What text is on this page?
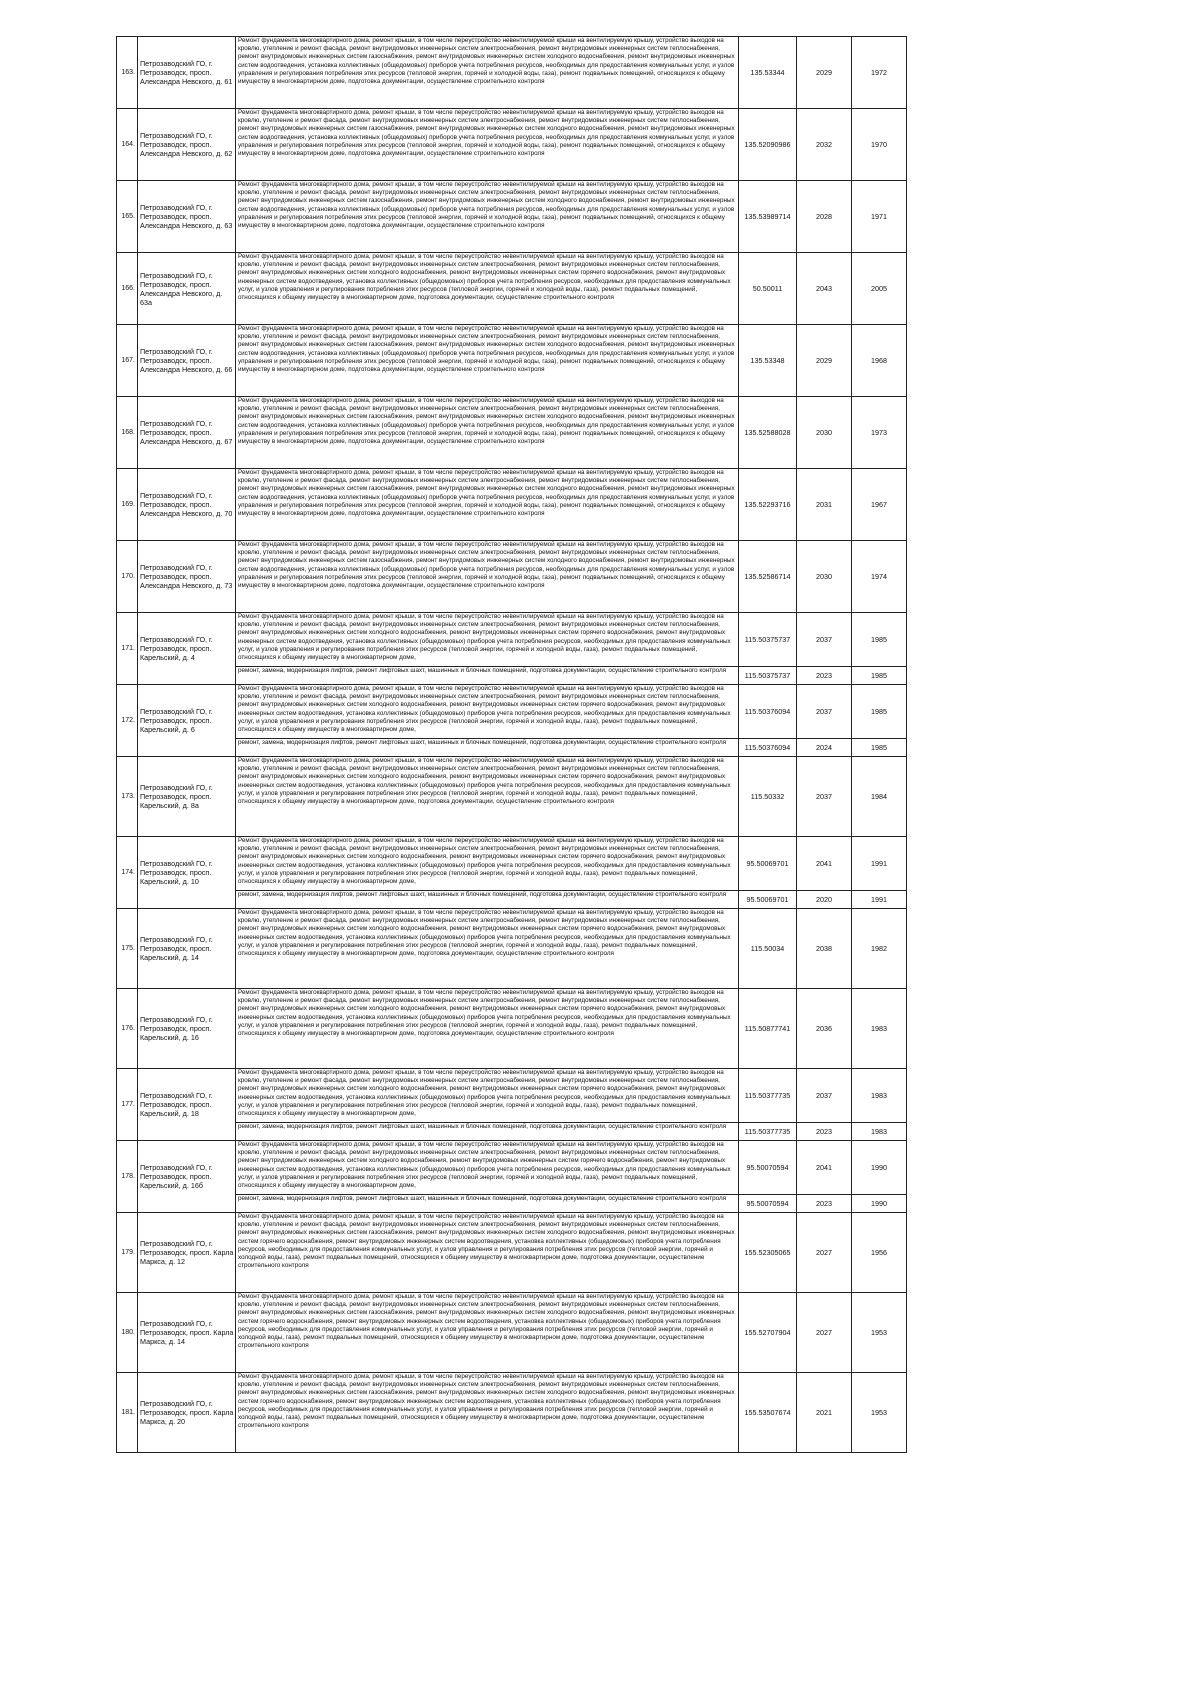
163.	Петрозаводский ГО, г. Петрозаводск, просп. Александра Невского, д. 61	Ремонт фундамента многоквартирного дома, ремонт крыши, в том числе переустройство невентилируемой крыши на вентилируемую крышу, устройство выходов на кровлю, утепление и ремонт фасада, ремонт внутридомовых инженерных систем электроснабжения, ремонт внутридомовых инженерных систем теплоснабжения, ремонт внутридомовых инженерных систем газоснабжения, ремонт внутридомовых инженерных систем холодного водоснабжения, ремонт внутридомовых инженерных систем водоотведения, установка коллективных (общедомовых) приборов учета потребления ресурсов, необходимых для предоставления коммунальных услуг, и узлов управления и регулирования потребления этих ресурсов (тепловой энергии, горячей и холодной воды, газа), ремонт подвальных помещений, относящихся к общему имуществу в многоквартирном доме, подготовка документации, осуществление строительного контроля	135.53344	2029	1972
164.	Петрозаводский ГО, г. Петрозаводск, просп. Александра Невского, д. 62	Ремонт фундамента многоквартирного дома, ремонт крыши, в том числе переустройство невентилируемой крыши на вентилируемую крышу, устройство выходов на кровлю, утепление и ремонт фасада, ремонт внутридомовых инженерных систем электроснабжения, ремонт внутридомовых инженерных систем теплоснабжения, ремонт внутридомовых инженерных систем газоснабжения, ремонт внутридомовых инженерных систем холодного водоснабжения, ремонт внутридомовых инженерных систем водоотведения, установка коллективных (общедомовых) приборов учета потребления ресурсов, необходимых для предоставления коммунальных услуг, и узлов управления и регулирования потребления этих ресурсов (тепловой энергии, горячей и холодной воды, газа), ремонт подвальных помещений, относящихся к общему имуществу в многоквартирном доме, подготовка документации, осуществление строительного контроля	135.52090986	2032	1970
165.	Петрозаводский ГО, г. Петрозаводск, просп. Александра Невского, д. 63	Ремонт фундамента многоквартирного дома, ремонт крыши, в том числе переустройство невентилируемой крыши на вентилируемую крышу, устройство выходов на кровлю, утепление и ремонт фасада, ремонт внутридомовых инженерных систем электроснабжения, ремонт внутридомовых инженерных систем теплоснабжения, ремонт внутридомовых инженерных систем газоснабжения, ремонт внутридомовых инженерных систем холодного водоснабжения, ремонт внутридомовых инженерных систем водоотведения, установка коллективных (общедомовых) приборов учета потребления ресурсов, необходимых для предоставления коммунальных услуг, и узлов управления и регулирования потребления этих ресурсов (тепловой энергии, горячей и холодной воды, газа), ремонт подвальных помещений, относящихся к общему имуществу в многоквартирном доме, подготовка документации, осуществление строительного контроля	135.53989714	2028	1971
166.	Петрозаводский ГО, г. Петрозаводск, просп. Александра Невского, д. 63а	Ремонт фундамента многоквартирного дома, ремонт крыши, в том числе переустройство невентилируемой крыши на вентилируемую крышу, устройство выходов на кровлю, утепление и ремонт фасада, ремонт внутридомовых инженерных систем электроснабжения, ремонт внутридомовых инженерных систем теплоснабжения, ремонт внутридомовых инженерных систем холодного водоснабжения, ремонт внутридомовых инженерных систем горячего водоснабжения, ремонт внутридомовых инженерных систем водоотведения, установка коллективных (общедомовых) приборов учета потребления ресурсов, необходимых для предоставления коммунальных услуг, и узлов управления и регулирования потребления этих ресурсов (тепловой энергии, горячей и холодной воды, газа), ремонт подвальных помещений, относящихся к общему имуществу в многоквартирном доме, подготовка документации, осуществление строительного контроля	50.50011	2043	2005
167.	Петрозаводский ГО, г. Петрозаводск, просп. Александра Невского, д. 66	Ремонт фундамента многоквартирного дома, ремонт крыши, в том числе переустройство невентилируемой крыши на вентилируемую крышу, устройство выходов на кровлю, утепление и ремонт фасада, ремонт внутридомовых инженерных систем электроснабжения, ремонт внутридомовых инженерных систем теплоснабжения, ремонт внутридомовых инженерных систем газоснабжения, ремонт внутридомовых инженерных систем холодного водоснабжения, ремонт внутридомовых инженерных систем водоотведения, установка коллективных (общедомовых) приборов учета потребления ресурсов, необходимых для предоставления коммунальных услуг, и узлов управления и регулирования потребления этих ресурсов (тепловой энергии, горячей и холодной воды, газа), ремонт подвальных помещений, относящихся к общему имуществу в многоквартирном доме, подготовка документации, осуществление строительного контроля	135.53348	2029	1968
168.	Петрозаводский ГО, г. Петрозаводск, просп. Александра Невского, д. 67	Ремонт фундамента многоквартирного дома, ремонт крыши, в том числе переустройство невентилируемой крыши на вентилируемую крышу, устройство выходов на кровлю, утепление и ремонт фасада, ремонт внутридомовых инженерных систем электроснабжения, ремонт внутридомовых инженерных систем теплоснабжения, ремонт внутридомовых инженерных систем газоснабжения, ремонт внутридомовых инженерных систем холодного водоснабжения, ремонт внутридомовых инженерных систем водоотведения, установка коллективных (общедомовых) приборов учета потребления ресурсов, необходимых для предоставления коммунальных услуг, и узлов управления и регулирования потребления этих ресурсов (тепловой энергии, горячей и холодной воды, газа), ремонт подвальных помещений, относящихся к общему имуществу в многоквартирном доме, подготовка документации, осуществление строительного контроля	135.52588028	2030	1973
169.	Петрозаводский ГО, г. Петрозаводск, просп. Александра Невского, д. 70	Ремонт фундамента многоквартирного дома, ремонт крыши, в том числе переустройство невентилируемой крыши на вентилируемую крышу, устройство выходов на кровлю, утепление и ремонт фасада, ремонт внутридомовых инженерных систем электроснабжения, ремонт внутридомовых инженерных систем теплоснабжения, ремонт внутридомовых инженерных систем газоснабжения, ремонт внутридомовых инженерных систем холодного водоснабжения, ремонт внутридомовых инженерных систем водоотведения, установка коллективных (общедомовых) приборов учета потребления ресурсов, необходимых для предоставления коммунальных услуг, и узлов управления и регулирования потребления этих ресурсов (тепловой энергии, горячей и холодной воды, газа), ремонт подвальных помещений, относящихся к общему имуществу в многоквартирном доме, подготовка документации, осуществление строительного контроля	135.52293716	2031	1967
170.	Петрозаводский ГО, г. Петрозаводск, просп. Александра Невского, д. 73	Ремонт фундамента многоквартирного дома, ремонт крыши, в том числе переустройство невентилируемой крыши на вентилируемую крышу, устройство выходов на кровлю, утепление и ремонт фасада, ремонт внутридомовых инженерных систем электроснабжения, ремонт внутридомовых инженерных систем теплоснабжения, ремонт внутридомовых инженерных систем газоснабжения, ремонт внутридомовых инженерных систем холодного водоснабжения, ремонт внутридомовых инженерных систем водоотведения, установка коллективных (общедомовых) приборов учета потребления ресурсов, необходимых для предоставления коммунальных услуг, и узлов управления и регулирования потребления этих ресурсов (тепловой энергии, горячей и холодной воды, газа), ремонт подвальных помещений, относящихся к общему имуществу в многоквартирном доме, подготовка документации, осуществление строительного контроля	135.52586714	2030	1974
171.	Петрозаводский ГО, г. Петрозаводск, просп. Карельский, д. 4	Ремонт фундамента многоквартирного дома, ремонт крыши, в том числе переустройство невентилируемой крыши на вентилируемую крышу, устройство выходов на кровлю, утепление и ремонт фасада, ремонт внутридомовых инженерных систем электроснабжения, ремонт внутридомовых инженерных систем теплоснабжения, ремонт внутридомовых инженерных систем холодного водоснабжения, ремонт внутридомовых инженерных систем горячего водоснабжения, ремонт внутридомовых инженерных систем водоотведения, установка коллективных (общедомовых) приборов учета потребления ресурсов, необходимых для предоставления коммунальных услуг, и узлов управления и регулирования потребления этих ресурсов (тепловой энергии, горячей и холодной воды, газа), ремонт подвальных помещений, относящихся к общему имуществу в многоквартирном доме,	115.50375737	2037	1985
		ремонт, замена, модернизация лифтов, ремонт лифтовых шахт, машинных и блочных помещений, подготовка документации, осуществление строительного контроля	115.50375737	2023	1985
172.	Петрозаводский ГО, г. Петрозаводск, просп. Карельский, д. 6	Ремонт фундамента многоквартирного дома, ремонт крыши, в том числе переустройство невентилируемой крыши на вентилируемую крышу, устройство выходов на кровлю, утепление и ремонт фасада, ремонт внутридомовых инженерных систем электроснабжения, ремонт внутридомовых инженерных систем теплоснабжения, ремонт внутридомовых инженерных систем холодного водоснабжения, ремонт внутридомовых инженерных систем горячего водоснабжения, ремонт внутридомовых инженерных систем водоотведения, установка коллективных (общедомовых) приборов учета потребления ресурсов, необходимых для предоставления коммунальных услуг, и узлов управления и регулирования потребления этих ресурсов (тепловой энергии, горячей и холодной воды, газа), ремонт подвальных помещений, относящихся к общему имуществу в многоквартирном доме,	115.50376094	2037	1985
		ремонт, замена, модернизация лифтов, ремонт лифтовых шахт, машинных и блочных помещений, подготовка документации, осуществление строительного контроля	115.50376094	2024	1985
173.	Петрозаводский ГО, г. Петрозаводск, просп. Карельский, д. 8а	Ремонт фундамента многоквартирного дома, ремонт крыши, в том числе переустройство невентилируемой крыши на вентилируемую крышу, устройство выходов на кровлю, утепление и ремонт фасада, ремонт внутридомовых инженерных систем электроснабжения, ремонт внутридомовых инженерных систем теплоснабжения, ремонт внутридомовых инженерных систем холодного водоснабжения, ремонт внутридомовых инженерных систем горячего водоснабжения, ремонт внутридомовых инженерных систем водоотведения, установка коллективных (общедомовых) приборов учета потребления ресурсов, необходимых для предоставления коммунальных услуг, и узлов управления и регулирования потребления этих ресурсов (тепловой энергии, горячей и холодной воды, газа), ремонт подвальных помещений, относящихся к общему имуществу в многоквартирном доме, подготовка документации, осуществление строительного контроля	115.50332	2037	1984
174.	Петрозаводский ГО, г. Петрозаводск, просп. Карельский, д. 10	Ремонт фундамента многоквартирного дома, ремонт крыши, в том числе переустройство невентилируемой крыши на вентилируемую крышу, устройство выходов на кровлю, утепление и ремонт фасада, ремонт внутридомовых инженерных систем электроснабжения, ремонт внутридомовых инженерных систем теплоснабжения, ремонт внутридомовых инженерных систем холодного водоснабжения, ремонт внутридомовых инженерных систем горячего водоснабжения, ремонт внутридомовых инженерных систем водоотведения, установка коллективных (общедомовых) приборов учета потребления ресурсов, необходимых для предоставления коммунальных услуг, и узлов управления и регулирования потребления этих ресурсов (тепловой энергии, горячей и холодной воды, газа), ремонт подвальных помещений, относящихся к общему имуществу в многоквартирном доме,	95.50069701	2041	1991
		ремонт, замена, модернизация лифтов, ремонт лифтовых шахт, машинных и блочных помещений, подготовка документации, осуществление строительного контроля	95.50069701	2020	1991
175.	Петрозаводский ГО, г. Петрозаводск, просп. Карельский, д. 14	Ремонт фундамента многоквартирного дома, ремонт крыши, в том числе переустройство невентилируемой крыши на вентилируемую крышу, устройство выходов на кровлю, утепление и ремонт фасада, ремонт внутридомовых инженерных систем электроснабжения, ремонт внутридомовых инженерных систем теплоснабжения, ремонт внутридомовых инженерных систем холодного водоснабжения, ремонт внутридомовых инженерных систем горячего водоснабжения, ремонт внутридомовых инженерных систем водоотведения, установка коллективных (общедомовых) приборов учета потребления ресурсов, необходимых для предоставления коммунальных услуг, и узлов управления и регулирования потребления этих ресурсов (тепловой энергии, горячей и холодной воды, газа), ремонт подвальных помещений, относящихся к общему имуществу в многоквартирном доме, подготовка документации, осуществление строительного контроля	115.50034	2038	1982
176.	Петрозаводский ГО, г. Петрозаводск, просп. Карельский, д. 16	Ремонт фундамента многоквартирного дома, ремонт крыши, в том числе переустройство невентилируемой крыши на вентилируемую крышу, устройство выходов на кровлю, утепление и ремонт фасада, ремонт внутридомовых инженерных систем электроснабжения, ремонт внутридомовых инженерных систем теплоснабжения, ремонт внутридомовых инженерных систем холодного водоснабжения, ремонт внутридомовых инженерных систем горячего водоснабжения, ремонт внутридомовых инженерных систем водоотведения, установка коллективных (общедомовых) приборов учета потребления ресурсов, необходимых для предоставления коммунальных услуг, и узлов управления и регулирования потребления этих ресурсов (тепловой энергии, горячей и холодной воды, газа), ремонт подвальных помещений, относящихся к общему имуществу в многоквартирном доме, подготовка документации, осуществление строительного контроля	115.50877741	2036	1983
177.	Петрозаводский ГО, г. Петрозаводск, просп. Карельский, д. 18	Ремонт фундамента многоквартирного дома, ремонт крыши, в том числе переустройство невентилируемой крыши на вентилируемую крышу, устройство выходов на кровлю, утепление и ремонт фасада, ремонт внутридомовых инженерных систем электроснабжения, ремонт внутридомовых инженерных систем теплоснабжения, ремонт внутридомовых инженерных систем холодного водоснабжения, ремонт внутридомовых инженерных систем горячего водоснабжения, ремонт внутридомовых инженерных систем водоотведения, установка коллективных (общедомовых) приборов учета потребления ресурсов, необходимых для предоставления коммунальных услуг, и узлов управления и регулирования потребления этих ресурсов (тепловой энергии, горячей и холодной воды, газа), ремонт подвальных помещений, относящихся к общему имуществу в многоквартирном доме,	115.50377735	2037	1983
		ремонт, замена, модернизация лифтов, ремонт лифтовых шахт, машинных и блочных помещений, подготовка документации, осуществление строительного контроля	115.50377735	2023	1983
178.	Петрозаводский ГО, г. Петрозаводск, просп. Карельский, д. 16б	Ремонт фундамента многоквартирного дома, ремонт крыши, в том числе переустройство невентилируемой крыши на вентилируемую крышу, устройство выходов на кровлю, утепление и ремонт фасада, ремонт внутридомовых инженерных систем электроснабжения, ремонт внутридомовых инженерных систем теплоснабжения, ремонт внутридомовых инженерных систем холодного водоснабжения, ремонт внутридомовых инженерных систем горячего водоснабжения, ремонт внутридомовых инженерных систем водоотведения, установка коллективных (общедомовых) приборов учета потребления ресурсов, необходимых для предоставления коммунальных услуг, и узлов управления и регулирования потребления этих ресурсов (тепловой энергии, горячей и холодной воды, газа), ремонт подвальных помещений, относящихся к общему имуществу в многоквартирном доме,	95.50070594	2041	1990
		ремонт, замена, модернизация лифтов, ремонт лифтовых шахт, машинных и блочных помещений, подготовка документации, осуществление строительного контроля	95.50070594	2023	1990
179.	Петрозаводский ГО, г. Петрозаводск, просп. Карла Маркса, д. 12	Ремонт фундамента многоквартирного дома, ремонт крыши, в том числе переустройство невентилируемой крыши на вентилируемую крышу, устройство выходов на кровлю, утепление и ремонт фасада, ремонт внутридомовых инженерных систем электроснабжения, ремонт внутридомовых инженерных систем теплоснабжения, ремонт внутридомовых инженерных систем газоснабжения, ремонт внутридомовых инженерных систем холодного водоснабжения, ремонт внутридомовых инженерных систем горячего водоснабжения, ремонт внутридомовых инженерных систем водоотведения, установка коллективных (общедомовых) приборов учета потребления ресурсов, необходимых для предоставления коммунальных услуг, и узлов управления и регулирования потребления этих ресурсов (тепловой энергии, горячей и холодной воды, газа), ремонт подвальных помещений, относящихся к общему имуществу в многоквартирном доме, подготовка документации, осуществление строительного контроля	155.52305065	2027	1956
180.	Петрозаводский ГО, г. Петрозаводск, просп. Карла Маркса, д. 14	Ремонт фундамента многоквартирного дома, ремонт крыши, в том числе переустройство невентилируемой крыши на вентилируемую крышу, устройство выходов на кровлю, утепление и ремонт фасада, ремонт внутридомовых инженерных систем электроснабжения, ремонт внутридомовых инженерных систем теплоснабжения, ремонт внутридомовых инженерных систем газоснабжения, ремонт внутридомовых инженерных систем холодного водоснабжения, ремонт внутридомовых инженерных систем горячего водоснабжения, ремонт внутридомовых инженерных систем водоотведения, установка коллективных (общедомовых) приборов учета потребления ресурсов, необходимых для предоставления коммунальных услуг, и узлов управления и регулирования потребления этих ресурсов (тепловой энергии, горячей и холодной воды, газа), ремонт подвальных помещений, относящихся к общему имуществу в многоквартирном доме, подготовка документации, осуществление строительного контроля	155.52707904	2027	1953
181.	Петрозаводский ГО, г. Петрозаводск, просп. Карла Маркса, д. 20	Ремонт фундамента многоквартирного дома, ремонт крыши, в том числе переустройство невентилируемой крыши на вентилируемую крышу, устройство выходов на кровлю, утепление и ремонт фасада, ремонт внутридомовых инженерных систем электроснабжения, ремонт внутридомовых инженерных систем теплоснабжения, ремонт внутридомовых инженерных систем газоснабжения, ремонт внутридомовых инженерных систем холодного водоснабжения, ремонт внутридомовых инженерных систем горячего водоснабжения, ремонт внутридомовых инженерных систем водоотведения, установка коллективных (общедомовых) приборов учета потребления ресурсов, необходимых для предоставления коммунальных услуг, и узлов управления и регулирования потребления этих ресурсов (тепловой энергии, горячей и холодной воды, газа), ремонт подвальных помещений, относящихся к общему имуществу в многоквартирном доме, подготовка документации, осуществление строительного контроля	155.53507674	2021	1953
